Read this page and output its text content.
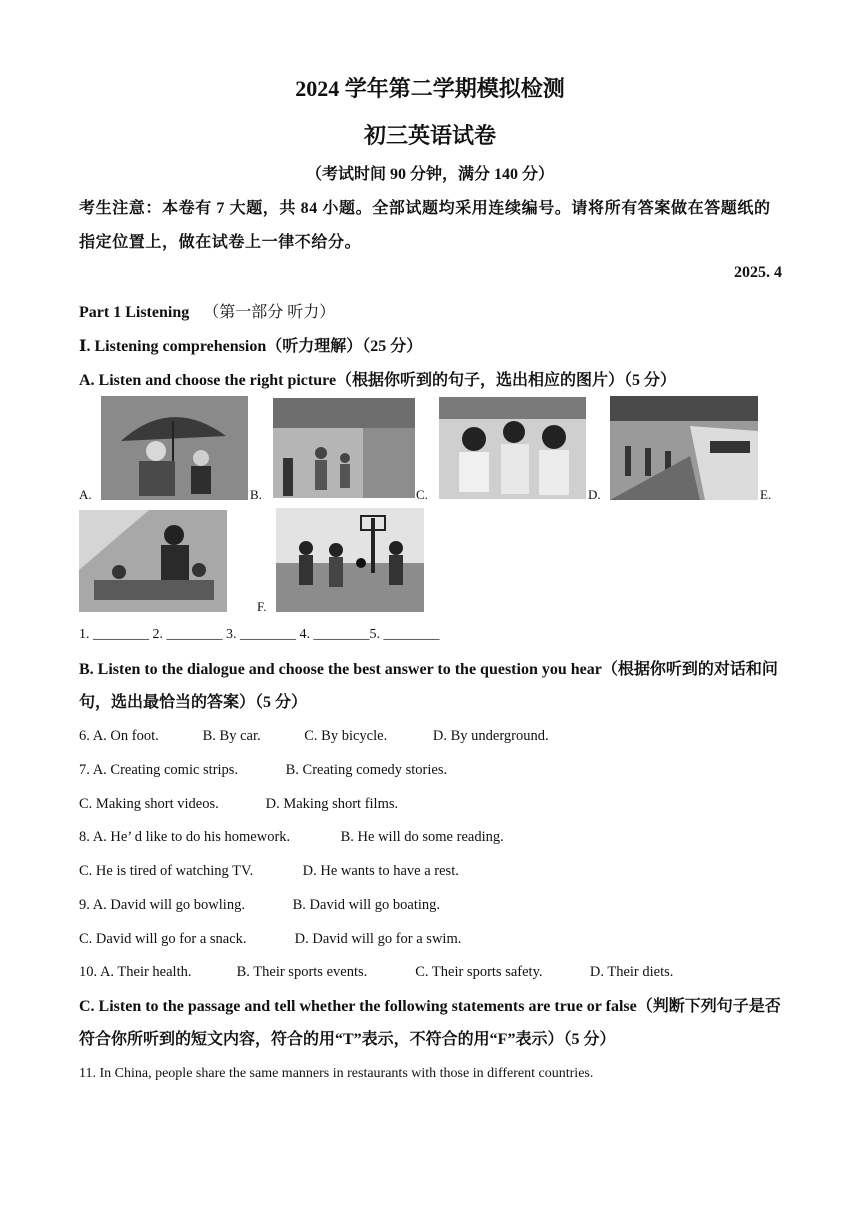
2024 学年第二学期模拟检测
初三英语试卷
（考试时间 90 分钟，满分 140 分）
考生注意：本卷有 7 大题，共 84 小题。全部试题均采用连续编号。请将所有答案做在答题纸的指定位置上，做在试卷上一律不给分。
2025. 4
Part 1 Listening （第一部分 听力）
Ⅰ. Listening comprehension（听力理解）（25 分）
A. Listen and choose the right picture（根据你听到的句子，选出相应的图片）（5 分）
A.	B.	C.	D.	E.
F.
1. ________ 2. ________ 3. ________ 4. ________5. ________
B. Listen to the dialogue and choose the best answer to the question you hear（根据你听到的对话和问句，选出最恰当的答案）（5 分）
6. A. On foot.	B. By car.	C. By bicycle.	D. By underground.
7. A. Creating comic strips.	B. Creating comedy stories.
C. Making short videos.	D. Making short films.
8. A. He’ d like to do his homework.	B. He will do some reading.
C. He is tired of watching TV.	D. He wants to have a rest.
9. A. David will go bowling.	B. David will go boating.
C. David will go for a snack.	D. David will go for a swim.
10. A. Their health.	B. Their sports events.	C. Their sports safety.	D. Their diets.
C. Listen to the passage and tell whether the following statements are true or false（判断下列句子是否符合你所听到的短文内容，符合的用“T”表示，不符合的用“F”表示）（5 分）
11. In China, people share the same manners in restaurants with those in different countries.
